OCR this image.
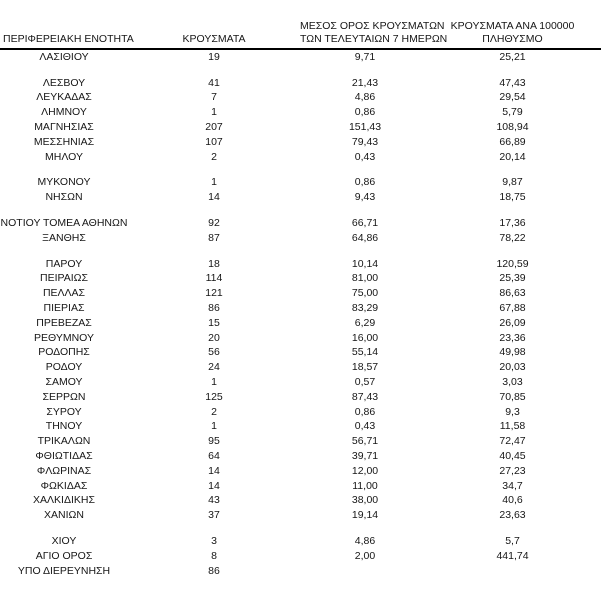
ΠΕΡΙΦΕΡΕΙΑΚΗ ΕΝΟΤΗΤΑ	ΚΡΟΥΣΜΑΤΑ
ΜΕΣΟΣ ΟΡΟΣ ΚΡΟΥΣΜΑΤΩΝ
ΤΩΝ ΤΕΛΕΥΤΑΙΩΝ 7 ΗΜΕΡΩΝ
ΚΡΟΥΣΜΑΤΑ ΑΝΑ 100000
ΠΛΗΘΥΣΜΟ
ΛΑΣΙΘΙΟΥ	19	9,71	25,21
ΛΕΣΒΟΥ	41	21,43	47,43
ΛΕΥΚΑΔΑΣ	7	4,86	29,54
ΛΗΜΝΟΥ	1	0,86	5,79
ΜΑΓΝΗΣΙΑΣ	207	151,43	108,94
ΜΕΣΣΗΝΙΑΣ	107	79,43	66,89
ΜΗΛΟΥ	2	0,43	20,14
ΜΥΚΟΝΟΥ	1	0,86	9,87
ΝΗΣΩΝ	14	9,43	18,75
ΝΟΤΙΟΥ ΤΟΜΕΑ ΑΘΗΝΩΝ	92	66,71	17,36
ΞΑΝΘΗΣ	87	64,86	78,22
ΠΑΡΟΥ	18	10,14	120,59
ΠΕΙΡΑΙΩΣ	114	81,00	25,39
ΠΕΛΛΑΣ	121	75,00	86,63
ΠΙΕΡΙΑΣ	86	83,29	67,88
ΠΡΕΒΕΖΑΣ	15	6,29	26,09
ΡΕΘΥΜΝΟΥ	20	16,00	23,36
ΡΟΔΟΠΗΣ	56	55,14	49,98
ΡΟΔΟΥ	24	18,57	20,03
ΣΑΜΟΥ	1	0,57	3,03
ΣΕΡΡΩΝ	125	87,43	70,85
ΣΥΡΟΥ	2	0,86	9,3
ΤΗΝΟΥ	1	0,43	11,58
ΤΡΙΚΑΛΩΝ	95	56,71	72,47
ΦΘΙΩΤΙΔΑΣ	64	39,71	40,45
ΦΛΩΡΙΝΑΣ	14	12,00	27,23
ΦΩΚΙΔΑΣ	14	11,00	34,7
ΧΑΛΚΙΔΙΚΗΣ	43	38,00	40,6
ΧΑΝΙΩΝ	37	19,14	23,63
ΧΙΟΥ	3	4,86	5,7
ΑΓΙΟ ΟΡΟΣ	8	2,00	441,74
ΥΠΟ ΔΙΕΡΕΥΝΗΣΗ	86
